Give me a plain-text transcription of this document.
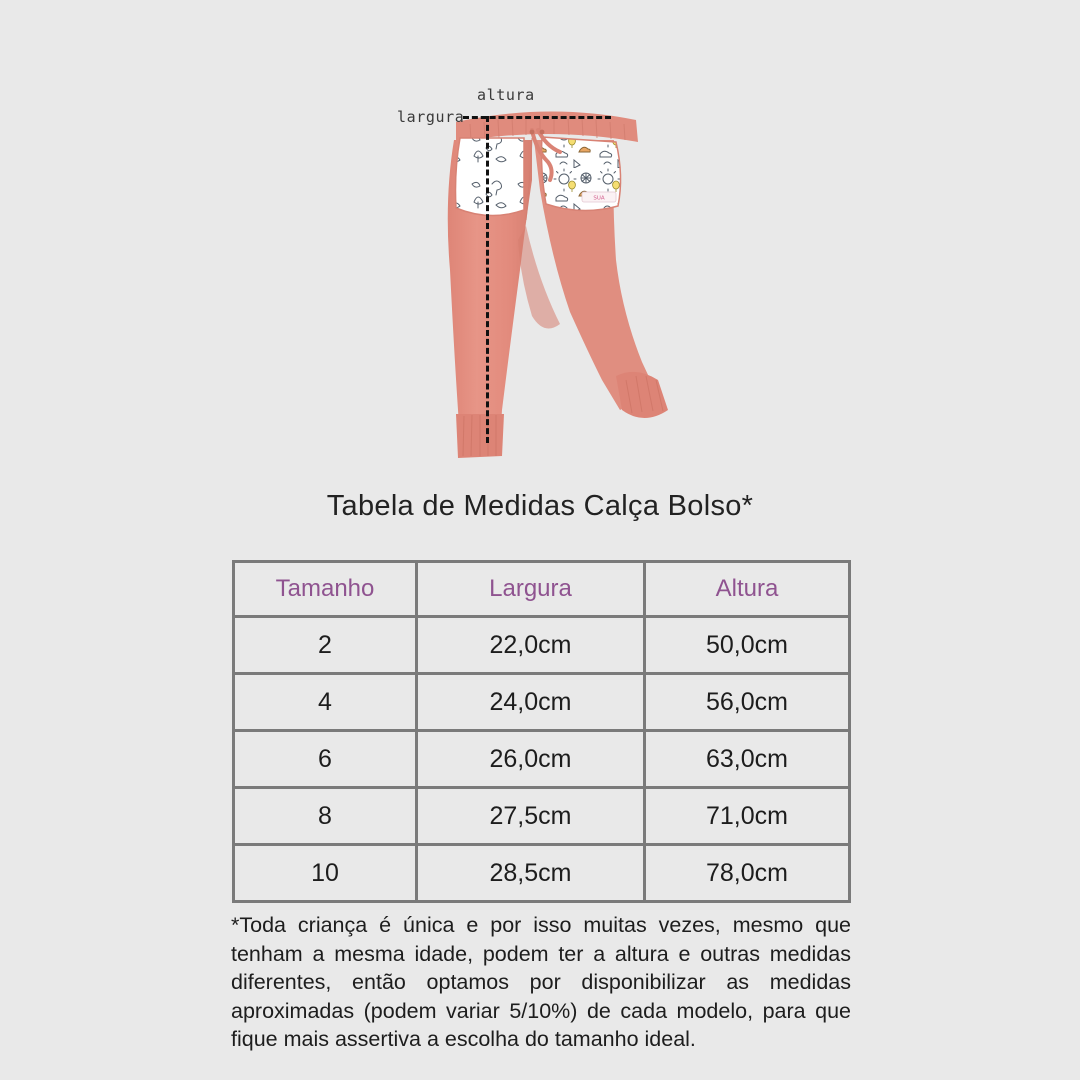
SUA
altura
largura
Tabela de Medidas Calça Bolso*
Tamanho	Largura	Altura
2	22,0cm	50,0cm
4	24,0cm	56,0cm
6	26,0cm	63,0cm
8	27,5cm	71,0cm
10	28,5cm	78,0cm
*Toda criança é única e por isso muitas vezes, mesmo que tenham a mesma idade, podem ter a altura e outras medidas diferentes, então optamos por disponibilizar as medidas aproximadas (podem variar 5/10%) de cada modelo, para que fique mais assertiva a escolha do tamanho ideal.
